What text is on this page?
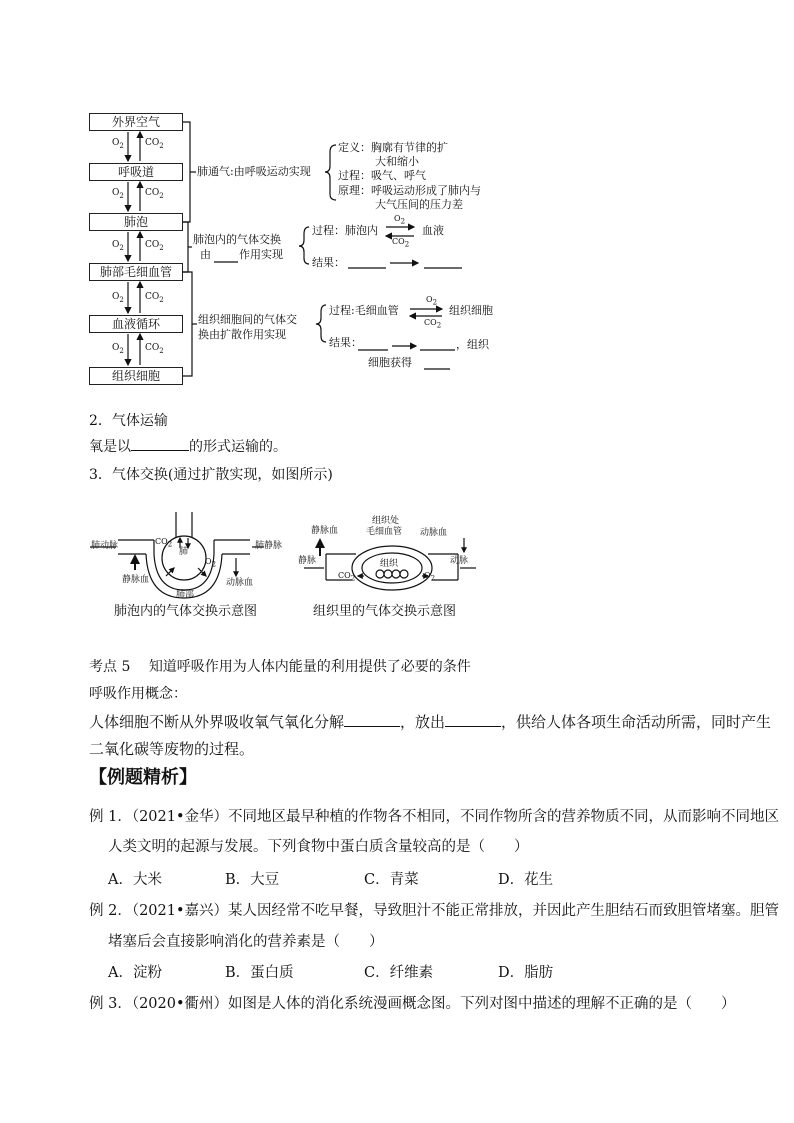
外界空气
呼吸道
肺泡
肺部毛细血管
血液循环
组织细胞
$O_2$ $CO_2$
$O_2$ $CO_2$
$O_2$ $CO_2$
$O_2$ $CO_2$
$O_2$ $CO_2$
肺通气:由呼吸运动实现
定义：胸廓有节律的扩
大和缩小
过程：吸气、呼气
原理：呼吸运动形成了肺内与
大气压间的压力差
肺泡内的气体交换
由	作用实现
过程：肺泡内
$O_2$
$CO_2$
血液
结果：
组织细胞间的气体交
换由扩散作用实现
过程:毛细血管
$O_2$
$CO_2$
组织细胞
结果：	，组织
细胞获得
2．气体运输
氧是以	的形式运输的。
3．气体交换(通过扩散实现，如图所示)
肺动脉	肺静脉
静脉血	动脉血
肺
肺部
$CO_2$
$O_2$
肺泡内的气体交换示意图
静脉血
组织处
毛细血管 动脉血
静脉	动脉
组织
$CO_2$	$O_2$
组织里的气体交换示意图
考点 5　 知道呼吸作用为人体内能量的利用提供了必要的条件
呼吸作用概念：
人体细胞不断从外界吸收氧气氧化分解	，放出	，供给人体各项生命活动所需，同时产生
二氧化碳等废物的过程。
【例题精析】
例 1．（2021•金华）不同地区最早种植的作物各不相同，不同作物所含的营养物质不同，从而影响不同地区
人类文明的起源与发展。下列食物中蛋白质含量较高的是（　　）
A．大米	B．大豆	C．青菜	D．花生
例 2．（2021•嘉兴）某人因经常不吃早餐，导致胆汁不能正常排放，并因此产生胆结石而致胆管堵塞。胆管
堵塞后会直接影响消化的营养素是（　　）
A．淀粉	B．蛋白质	C．纤维素	D．脂肪
例 3．（2020•衢州）如图是人体的消化系统漫画概念图。下列对图中描述的理解不正确的是（　　）
